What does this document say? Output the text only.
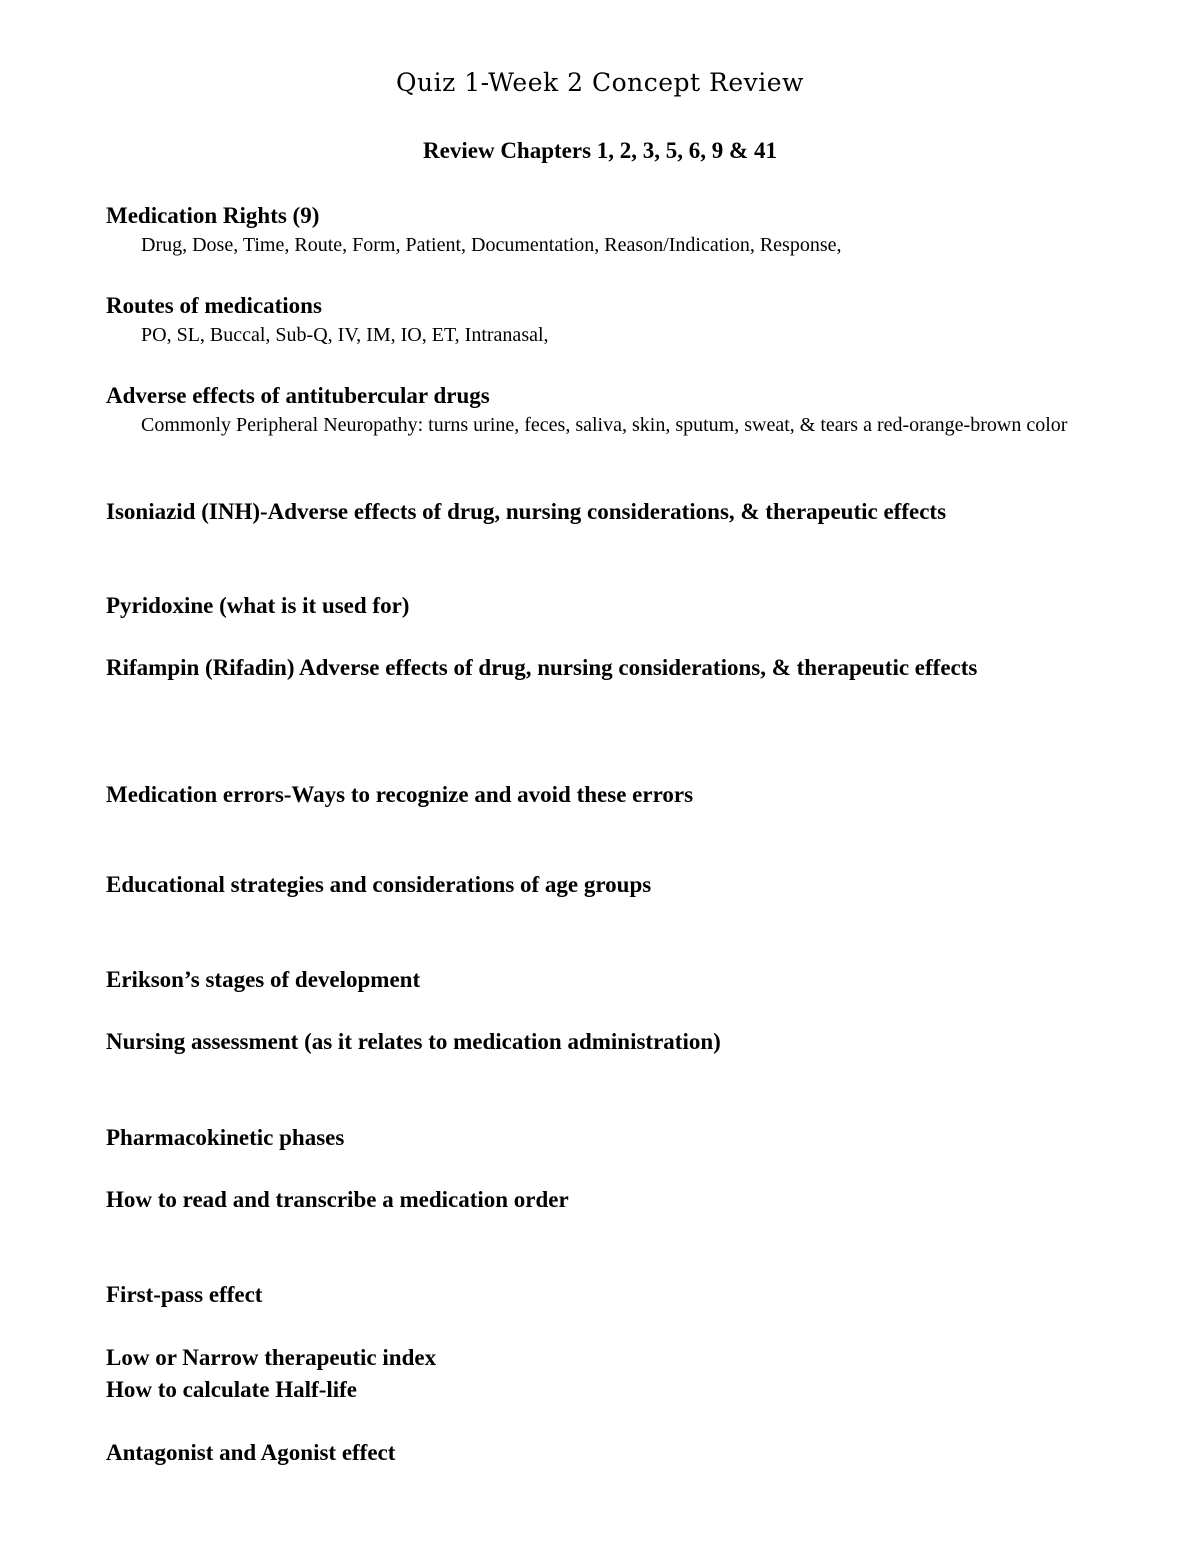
Quiz 1-Week 2 Concept Review
Review Chapters 1, 2, 3, 5, 6, 9 & 41

Medication Rights (9)

Drug, Dose, Time, Route, Form, Patient, Documentation, Reason/Indication, Response,

Routes of medications

PO, SL, Buccal, Sub-Q, IV, IM, IO, ET, Intranasal,

Adverse effects of antitubercular drugs

Commonly Peripheral Neuropathy: turns urine, feces, saliva, skin, sputum, sweat, & tears a red-orange-brown color

Isoniazid (INH)-Adverse effects of drug, nursing considerations, & therapeutic effects

Pyridoxine (what is it used for)

Rifampin (Rifadin) Adverse effects of drug, nursing considerations, & therapeutic effects

Medication errors-Ways to recognize and avoid these errors

Educational strategies and considerations of age groups

Erikson’s stages of development

Nursing assessment (as it relates to medication administration)

Pharmacokinetic phases

How to read and transcribe a medication order

First-pass effect

Low or Narrow therapeutic index

How to calculate Half-life

Antagonist and Agonist effect
